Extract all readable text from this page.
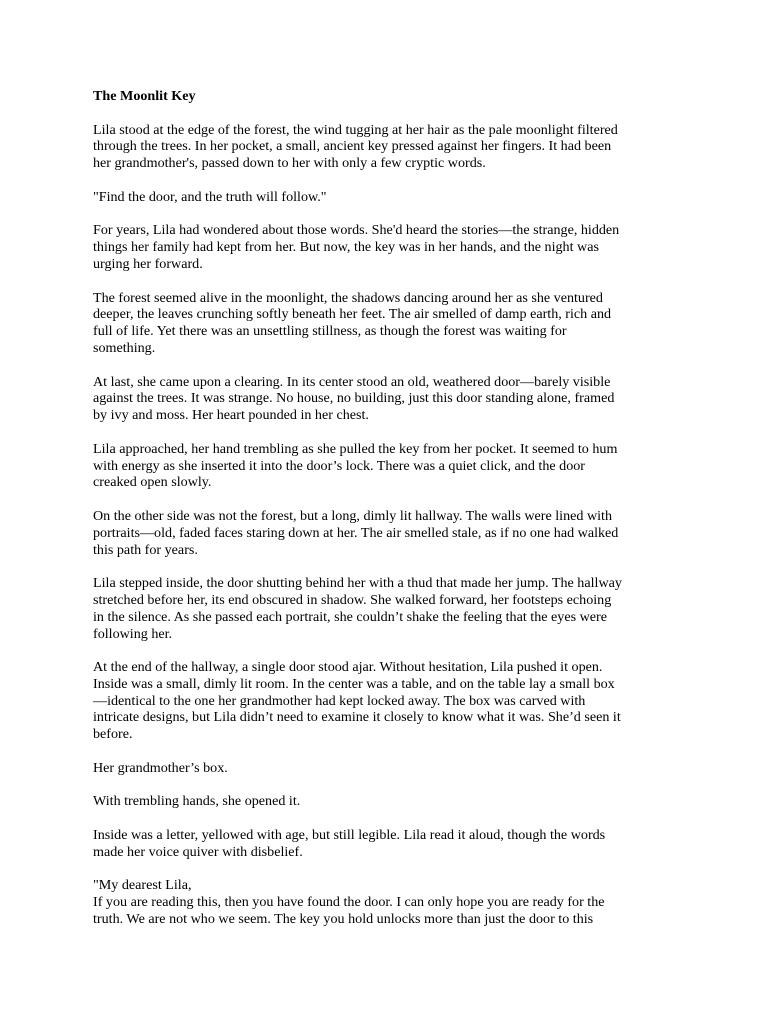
The Moonlit Key
Lila stood at the edge of the forest, the wind tugging at her hair as the pale moonlight filtered
through the trees. In her pocket, a small, ancient key pressed against her fingers. It had been
her grandmother's, passed down to her with only a few cryptic words.
"Find the door, and the truth will follow."
For years, Lila had wondered about those words. She'd heard the stories—the strange, hidden
things her family had kept from her. But now, the key was in her hands, and the night was
urging her forward.
The forest seemed alive in the moonlight, the shadows dancing around her as she ventured
deeper, the leaves crunching softly beneath her feet. The air smelled of damp earth, rich and
full of life. Yet there was an unsettling stillness, as though the forest was waiting for
something.
At last, she came upon a clearing. In its center stood an old, weathered door—barely visible
against the trees. It was strange. No house, no building, just this door standing alone, framed
by ivy and moss. Her heart pounded in her chest.
Lila approached, her hand trembling as she pulled the key from her pocket. It seemed to hum
with energy as she inserted it into the door’s lock. There was a quiet click, and the door
creaked open slowly.
On the other side was not the forest, but a long, dimly lit hallway. The walls were lined with
portraits—old, faded faces staring down at her. The air smelled stale, as if no one had walked
this path for years.
Lila stepped inside, the door shutting behind her with a thud that made her jump. The hallway
stretched before her, its end obscured in shadow. She walked forward, her footsteps echoing
in the silence. As she passed each portrait, she couldn’t shake the feeling that the eyes were
following her.
At the end of the hallway, a single door stood ajar. Without hesitation, Lila pushed it open.
Inside was a small, dimly lit room. In the center was a table, and on the table lay a small box
—identical to the one her grandmother had kept locked away. The box was carved with
intricate designs, but Lila didn’t need to examine it closely to know what it was. She’d seen it
before.
Her grandmother’s box.
With trembling hands, she opened it.
Inside was a letter, yellowed with age, but still legible. Lila read it aloud, though the words
made her voice quiver with disbelief.
"My dearest Lila,
If you are reading this, then you have found the door. I can only hope you are ready for the
truth. We are not who we seem. The key you hold unlocks more than just the door to this
